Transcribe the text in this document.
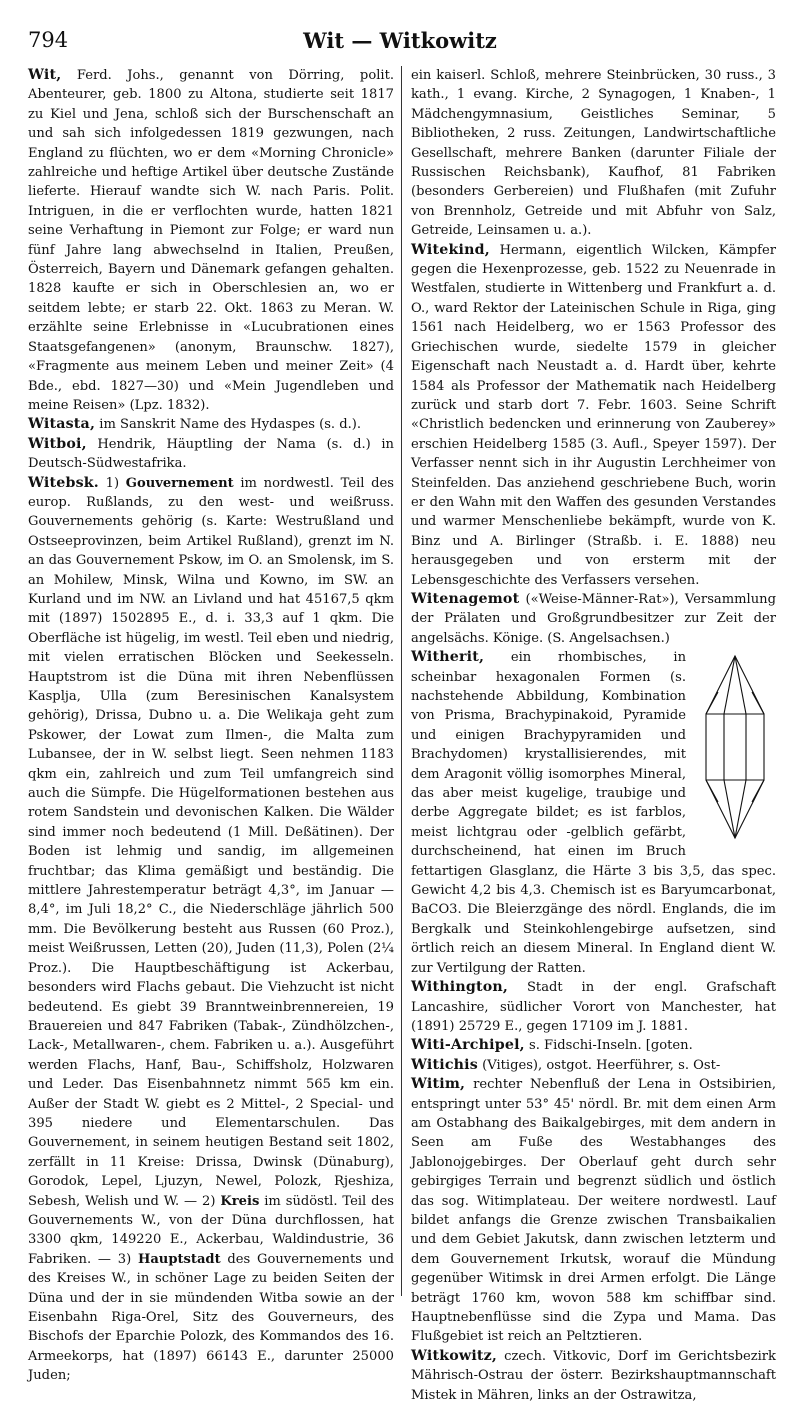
794	Wit — Witkowitz

Wit, Ferd. Johs., genannt von Dörring, polit. Abenteurer, geb. 1800 zu Altona, studierte seit 1817 zu Kiel und Jena, schloß sich der Burschenschaft an und sah sich infolgedessen 1819 gezwungen, nach England zu flüchten, wo er dem «Morning Chronicle» zahlreiche und heftige Artikel über deutsche Zustände lieferte. Hierauf wandte sich W. nach Paris. Polit. Intriguen, in die er verflochten wurde, hatten 1821 seine Verhaftung in Piemont zur Folge; er ward nun fünf Jahre lang abwechselnd in Italien, Preußen, Österreich, Bayern und Dänemark gefangen gehalten. 1828 kaufte er sich in Oberschlesien an, wo er seitdem lebte; er starb 22. Okt. 1863 zu Meran. W. erzählte seine Erlebnisse in «Lucubrationen eines Staatsgefangenen» (anonym, Braunschw. 1827), «Fragmente aus meinem Leben und meiner Zeit» (4 Bde., ebd. 1827—30) und «Mein Jugendleben und meine Reisen» (Lpz. 1832).

Witasta, im Sanskrit Name des Hydaspes (s. d.).

Witboi, Hendrik, Häuptling der Nama (s. d.) in Deutsch-Südwestafrika.

Witebsk. 1) Gouvernement im nordwestl. Teil des europ. Rußlands, zu den west- und weißruss. Gouvernements gehörig (s. Karte: Westrußland und Ostseeprovinzen, beim Artikel Rußland), grenzt im N. an das Gouvernement Pskow, im O. an Smolensk, im S. an Mohilew, Minsk, Wilna und Kowno, im SW. an Kurland und im NW. an Livland und hat 45167,5 qkm mit (1897) 1502895 E., d. i. 33,3 auf 1 qkm. Die Oberfläche ist hügelig, im westl. Teil eben und niedrig, mit vielen erratischen Blöcken und Seekesseln. Hauptstrom ist die Düna mit ihren Nebenflüssen Kasplja, Ulla (zum Beresinischen Kanalsystem gehörig), Drissa, Dubno u. a. Die Welikaja geht zum Pskower, der Lowat zum Ilmen-, die Malta zum Lubansee, der in W. selbst liegt. Seen nehmen 1183 qkm ein, zahlreich und zum Teil umfangreich sind auch die Sümpfe. Die Hügelformationen bestehen aus rotem Sandstein und devonischen Kalken. Die Wälder sind immer noch bedeutend (1 Mill. Deßätinen). Der Boden ist lehmig und sandig, im allgemeinen fruchtbar; das Klima gemäßigt und beständig. Die mittlere Jahrestemperatur beträgt 4,3°, im Januar —8,4°, im Juli 18,2° C., die Niederschläge jährlich 500 mm. Die Bevölkerung besteht aus Russen (60 Proz.), meist Weißrussen, Letten (20), Juden (11,3), Polen (2¼ Proz.). Die Hauptbeschäftigung ist Ackerbau, besonders wird Flachs gebaut. Die Viehzucht ist nicht bedeutend. Es giebt 39 Branntweinbrennereien, 19 Brauereien und 847 Fabriken (Tabak-, Zündhölzchen-, Lack-, Metallwaren-, chem. Fabriken u. a.). Ausgeführt werden Flachs, Hanf, Bau-, Schiffsholz, Holzwaren und Leder. Das Eisenbahnnetz nimmt 565 km ein. Außer der Stadt W. giebt es 2 Mittel-, 2 Special- und 395 niedere und Elementarschulen. Das Gouvernement, in seinem heutigen Bestand seit 1802, zerfällt in 11 Kreise: Drissa, Dwinsk (Dünaburg), Gorodok, Lepel, Ljuzyn, Newel, Polozk, Rjeshiza, Sebesh, Welish und W. — 2) Kreis im südöstl. Teil des Gouvernements W., von der Düna durchflossen, hat 3300 qkm, 149220 E., Ackerbau, Waldindustrie, 36 Fabriken. — 3) Hauptstadt des Gouvernements und des Kreises W., in schöner Lage zu beiden Seiten der Düna und der in sie mündenden Witba sowie an der Eisenbahn Riga-Orel, Sitz des Gouverneurs, des Bischofs der Eparchie Polozk, des Kommandos des 16. Armeekorps, hat (1897) 66143 E., darunter 25000 Juden;

ein kaiserl. Schloß, mehrere Steinbrücken, 30 russ., 3 kath., 1 evang. Kirche, 2 Synagogen, 1 Knaben-, 1 Mädchengymnasium, Geistliches Seminar, 5 Bibliotheken, 2 russ. Zeitungen, Landwirtschaftliche Gesellschaft, mehrere Banken (darunter Filiale der Russischen Reichsbank), Kaufhof, 81 Fabriken (besonders Gerbereien) und Flußhafen (mit Zufuhr von Brennholz, Getreide und mit Abfuhr von Salz, Getreide, Leinsamen u. a.).

Witekind, Hermann, eigentlich Wilcken, Kämpfer gegen die Hexenprozesse, geb. 1522 zu Neuenrade in Westfalen, studierte in Wittenberg und Frankfurt a. d. O., ward Rektor der Lateinischen Schule in Riga, ging 1561 nach Heidelberg, wo er 1563 Professor des Griechischen wurde, siedelte 1579 in gleicher Eigenschaft nach Neustadt a. d. Hardt über, kehrte 1584 als Professor der Mathematik nach Heidelberg zurück und starb dort 7. Febr. 1603. Seine Schrift «Christlich bedencken und erinnerung von Zauberey» erschien Heidelberg 1585 (3. Aufl., Speyer 1597). Der Verfasser nennt sich in ihr Augustin Lerchheimer von Steinfelden. Das anziehend geschriebene Buch, worin er den Wahn mit den Waffen des gesunden Verstandes und warmer Menschenliebe bekämpft, wurde von K. Binz und A. Birlinger (Straßb. i. E. 1888) neu herausgegeben und von ersterm mit der Lebensgeschichte des Verfassers versehen.

Witenagemot («Weise-Männer-Rat»), Versammlung der Prälaten und Großgrundbesitzer zur Zeit der angelsächs. Könige. (S. Angelsachsen.)

Witherit, ein rhombisches, in scheinbar hexagonalen Formen (s. nachstehende Abbildung, Kombination von Prisma, Brachypinakoid, Pyramide und einigen Brachypyramiden und Brachydomen) krystallisierendes, mit dem Aragonit völlig isomorphes Mineral, das aber meist kugelige, traubige und derbe Aggregate bildet; es ist farblos, meist lichtgrau oder -gelblich gefärbt, durchscheinend, hat einen im Bruch fettartigen Glasglanz, die Härte 3 bis 3,5, das spec. Gewicht 4,2 bis 4,3. Chemisch ist es Baryumcarbonat, BaCO3. Die Bleierzgänge des nördl. Englands, die im Bergkalk und Steinkohlengebirge aufsetzen, sind örtlich reich an diesem Mineral. In England dient W. zur Vertilgung der Ratten.

Withington, Stadt in der engl. Grafschaft Lancashire, südlicher Vorort von Manchester, hat (1891) 25729 E., gegen 17109 im J. 1881.

Witi-Archipel, s. Fidschi-Inseln. [goten.

Witichis (Vitiges), ostgot. Heerführer, s. Ost-

Witim, rechter Nebenfluß der Lena in Ostsibirien, entspringt unter 53° 45' nördl. Br. mit dem einen Arm am Ostabhang des Baikalgebirges, mit dem andern in Seen am Fuße des Westabhanges des Jablonojgebirges. Der Oberlauf geht durch sehr gebirgiges Terrain und begrenzt südlich und östlich das sog. Witimplateau. Der weitere nordwestl. Lauf bildet anfangs die Grenze zwischen Transbaikalien und dem Gebiet Jakutsk, dann zwischen letzterm und dem Gouvernement Irkutsk, worauf die Mündung gegenüber Witimsk in drei Armen erfolgt. Die Länge beträgt 1760 km, wovon 588 km schiffbar sind. Hauptnebenflüsse sind die Zypa und Mama. Das Flußgebiet ist reich an Peltztieren.

Witkowitz, czech. Vitkovic, Dorf im Gerichtsbezirk Mährisch-Ostrau der österr. Bezirkshauptmannschaft Mistek in Mähren, links an der Ostrawitza,
